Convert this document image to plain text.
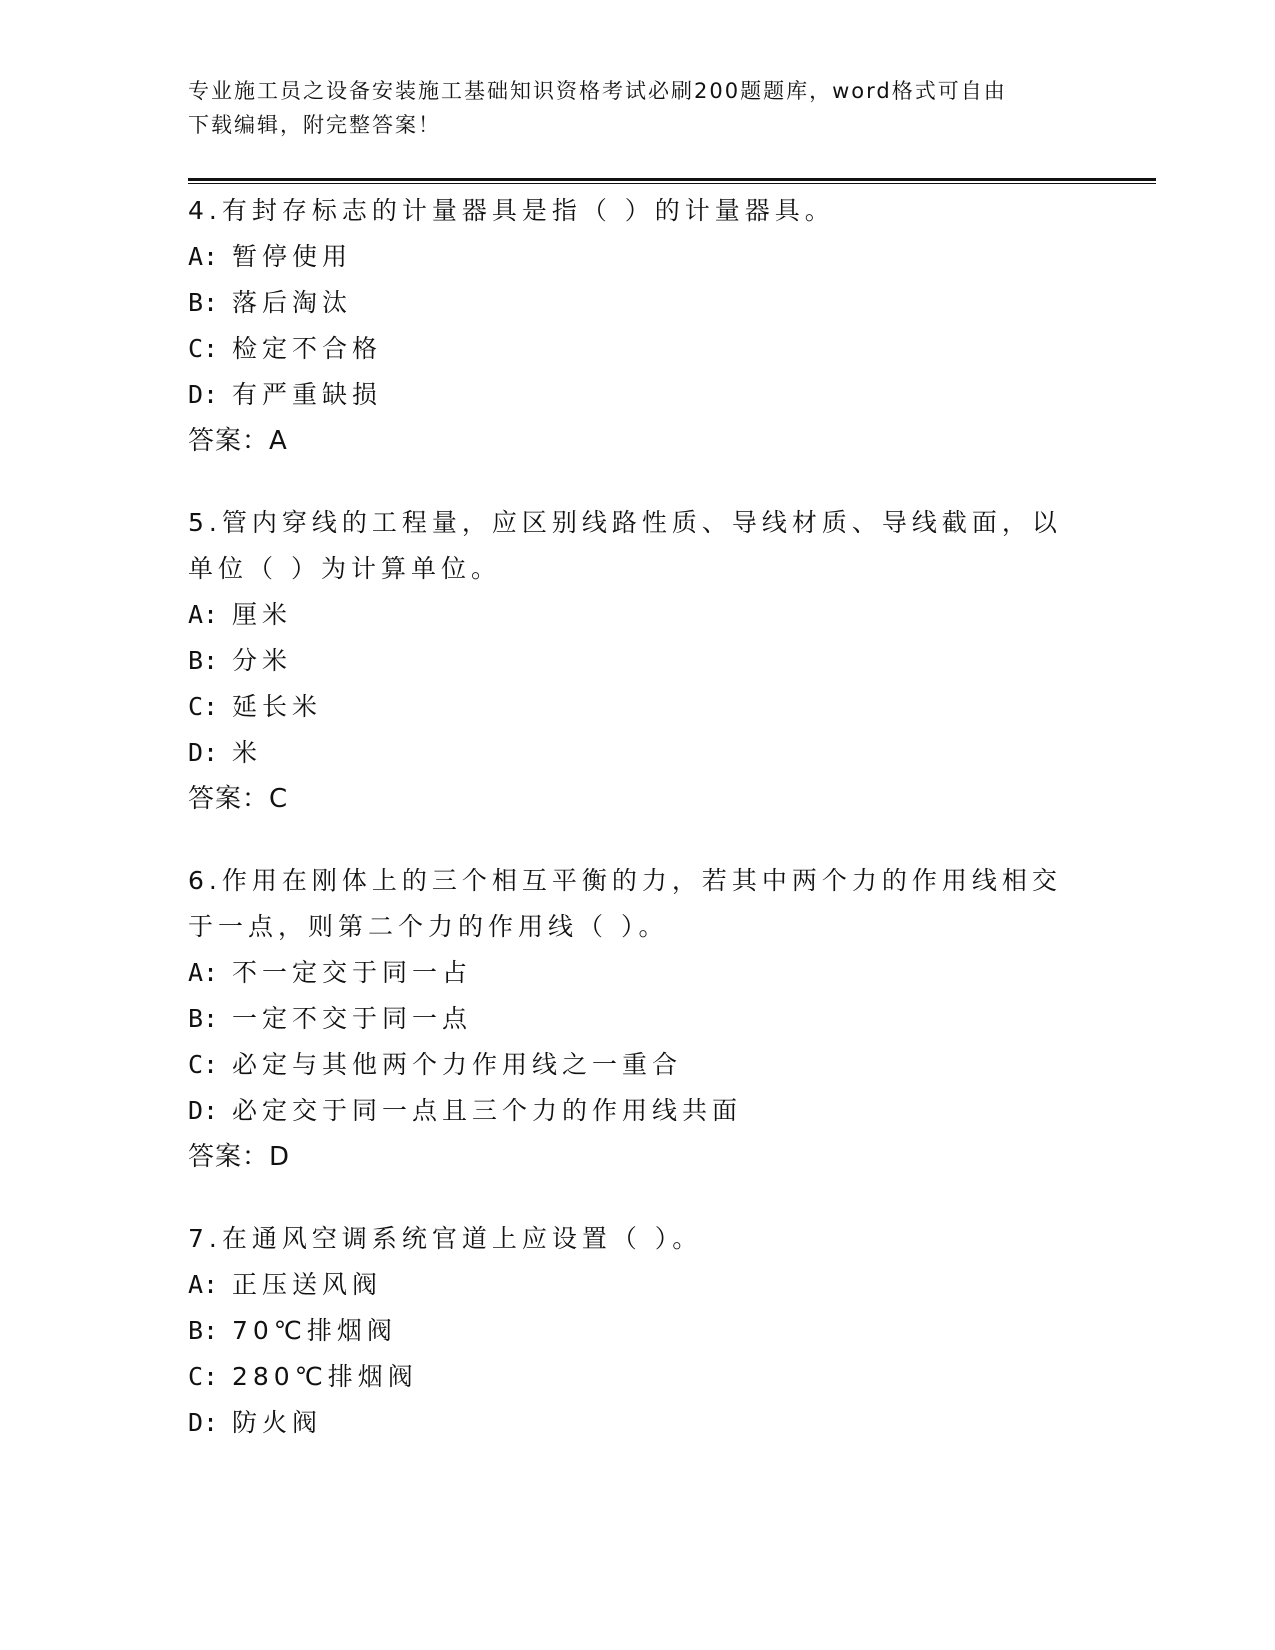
专业施工员之设备安装施工基础知识资格考试必刷200题题库，word格式可自由
下载编辑，附完整答案！
4.有封存标志的计量器具是指（ ）的计量器具。
A: 暂停使用
B: 落后淘汰
C: 检定不合格
D: 有严重缺损
答案：A
5.管内穿线的工程量，应区别线路性质、导线材质、导线截面，以单位（ ）为计算单位。
A: 厘米
B: 分米
C: 延长米
D: 米
答案：C
6.作用在刚体上的三个相互平衡的力，若其中两个力的作用线相交于一点，则第二个力的作用线（ ）。
A: 不一定交于同一占
B: 一定不交于同一点
C: 必定与其他两个力作用线之一重合
D: 必定交于同一点且三个力的作用线共面
答案：D
7.在通风空调系统官道上应设置（ ）。
A: 正压送风阀
B: 70℃排烟阀
C: 280℃排烟阀
D: 防火阀
